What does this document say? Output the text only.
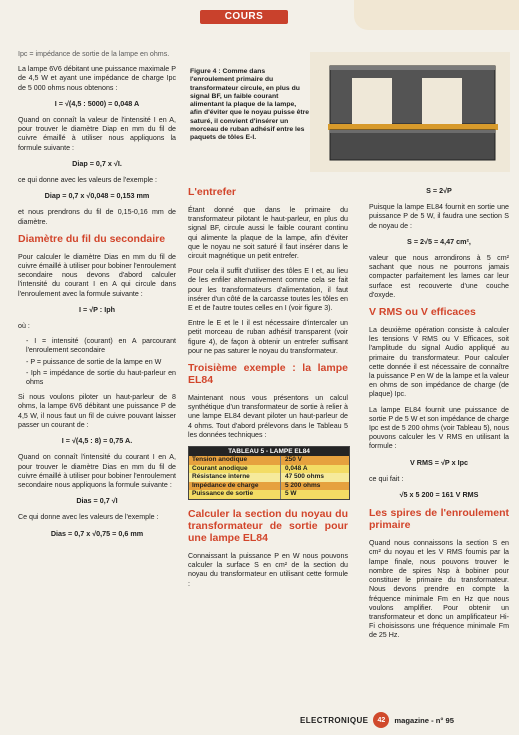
COURS

Ipc = impédance de sortie de la lampe en ohms.

La lampe 6V6 débitant une puissance maximale P de 4,5 W et ayant une impédance de charge Ipc de 5 000 ohms nous obtenons :

I = √(4,5 : 5000) = 0,048 A

Quand on connaît la valeur de l'intensité I en A, pour trouver le diamètre Diap en mm du fil de cuivre émaillé à utiliser nous appliquons la formule suivante :

Diap = 0,7 x √I.

ce qui donne avec les valeurs de l'exemple :

Diap = 0,7 x √0,048 = 0,153 mm

et nous prendrons du fil de 0,15-0,16 mm de diamètre.

Diamètre du fil du secondaire

Pour calculer le diamètre Dias en mm du fil de cuivre émaillé à utiliser pour bobiner l'enroulement secondaire nous devons d'abord calculer l'intensité du courant I en A qui circule dans l'enroulement avec la formule suivante :

I = √P : Iph

où :

- I = intensité (courant) en A parcourant l'enroulement secondaire
- P = puissance de sortie de la lampe en W
- Iph = impédance de sortie du haut-parleur en ohms

Si nous voulons piloter un haut-parleur de 8 ohms, la lampe 6V6 débitant une puissance P de 4,5 W, il nous faut un fil de cuivre pouvant laisser passer un courant de :

I = √(4,5 : 8) = 0,75 A.

Quand on connaît l'intensité du courant I en A, pour trouver le diamètre Dias en mm du fil de cuivre émaillé à utiliser pour bobiner l'enroulement secondaire nous appliquons la formule suivante :

Dias = 0,7 √I

Ce qui donne avec les valeurs de l'exemple :

Dias = 0,7 x √0,75 = 0,6 mm
Figure 4 : Comme dans l'enroulement primaire du transformateur circule, en plus du signal BF, un faible courant alimentant la plaque de la lampe, afin d'éviter que le noyau puisse être saturé, il convient d'insérer un morceau de ruban adhésif entre les paquets de tôles E-I.
L'entrefer

Étant donné que dans le primaire du transformateur pilotant le haut-parleur, en plus du signal BF, circule aussi le faible courant continu qui alimente la plaque de la lampe, afin d'éviter que le noyau ne soit saturé il faut insérer dans le circuit magnétique un petit entrefer.

Pour cela il suffit d'utiliser des tôles E I et, au lieu de les enfiler alternativement comme cela se fait pour les transformateurs d'alimentation, il faut insérer d'un côté de la carcasse toutes les tôles en E et de l'autre toutes celles en I (voir figure 3).

Entre le E et le I il est nécessaire d'intercaler un petit morceau de ruban adhésif transparent (voir figure 4), de façon à obtenir un entrefer suffisant pour ne pas saturer le noyau du transformateur.

Troisième exemple : la lampe EL84

Maintenant nous vous présentons un calcul synthétique d'un transformateur de sortie à relier à une lampe EL84 devant piloter un haut-parleur de 4 ohms. Tout d'abord prélevons dans le Tableau 5 les données techniques :

TABLEAU 5 - LAMPE EL84
Tension anodique	250 V
Courant anodique	0,048 A
Résistance interne	47 500 ohms
Impédance de charge	5 200 ohms
Puissance de sortie	5 W
Calculer la section du noyau du transformateur de sortie pour une lampe EL84

Connaissant la puissance P en W nous pouvons calculer la surface S en cm² de la section du noyau du transformateur en utilisant cette formule :

S = 2√P

Puisque la lampe EL84 fournit en sortie une puissance P de 5 W, il faudra une section S de noyau de :

S = 2√5 = 4,47 cm²,

valeur que nous arrondirons à 5 cm² sachant que nous ne pourrons jamais compacter parfaitement les lames car leur surface est recouverte d'une couche d'oxyde.

V RMS ou V efficaces

La deuxième opération consiste à calculer les tensions V RMS ou V Efficaces, soit l'amplitude du signal Audio appliqué au primaire du transformateur. Pour calculer cette donnée il est nécessaire de connaître la puissance P en W de la lampe et la valeur en ohms de son impédance de charge (de plaque) Ipc.

La lampe EL84 fournit une puissance de sortie P de 5 W et son impédance de charge Ipc est de 5 200 ohms (voir Tableau 5), nous pouvons calculer les V RMS en utilisant la formule :

V RMS = √P x Ipc

ce qui fait :

√5 x 5 200 = 161 V RMS
Les spires de l'enroulement primaire

Quand nous connaissons la section S en cm² du noyau et les V RMS fournis par la lampe finale, nous pouvons trouver le nombre de spires Nsp à bobiner pour constituer le primaire du transformateur. Nous devons prendre en compte la fréquence minimale Fm en Hz que nous voulons amplifier. Pour obtenir un transformateur et donc un amplificateur Hi-Fi choisissons une fréquence minimale Fm de 25 Hz.

ELECTRONIQUE	42	magazine - n° 95
